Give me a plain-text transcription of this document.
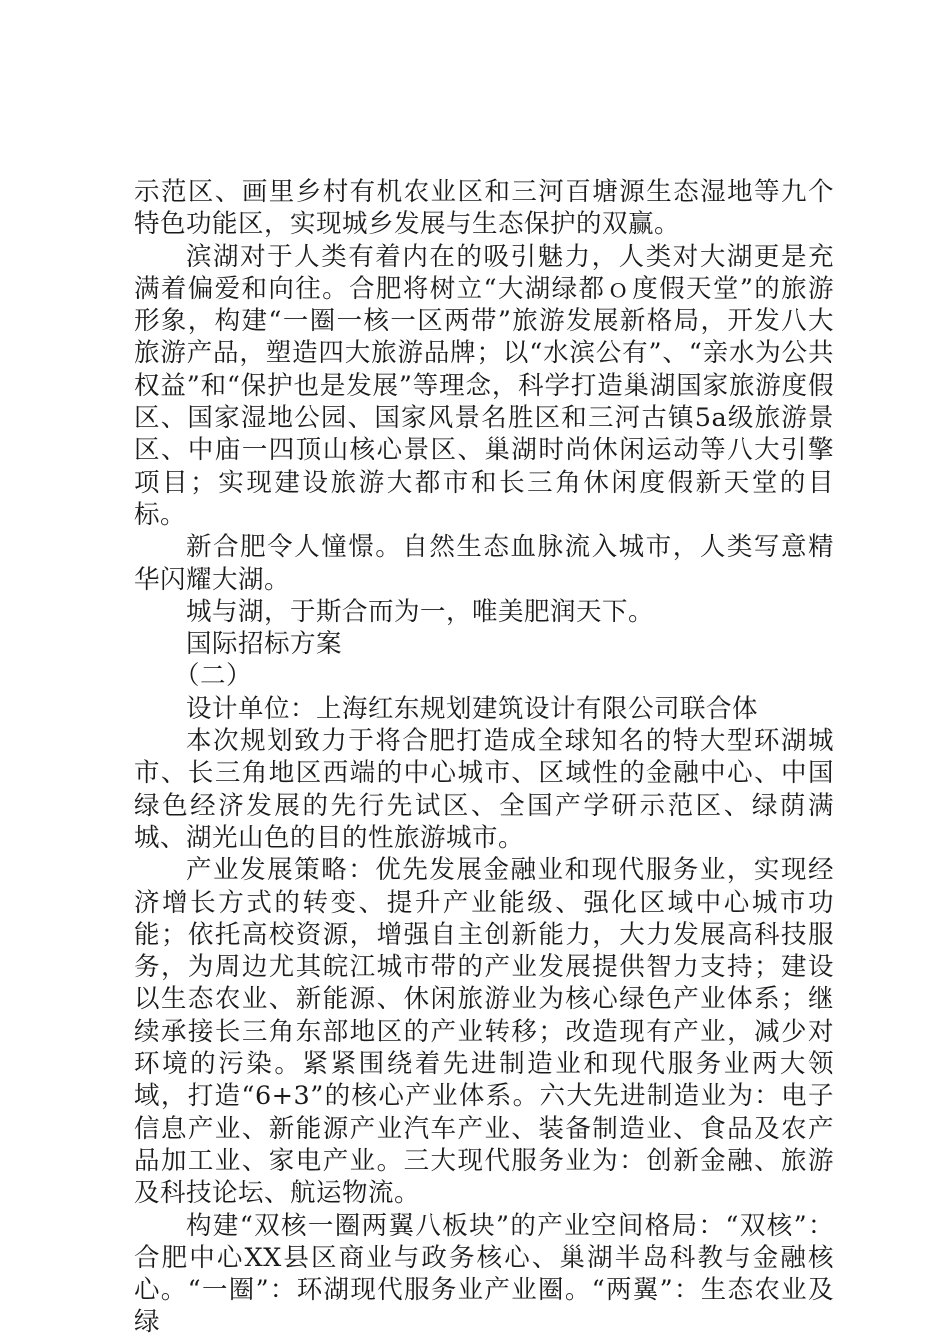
示范区、画里乡村有机农业区和三河百塘源生态湿地等九个特色功能区，实现城乡发展与生态保护的双赢。

滨湖对于人类有着内在的吸引魅力，人类对大湖更是充满着偏爱和向往。合肥将树立“大湖绿都ｏ度假天堂”的旅游形象，构建“一圈一核一区两带”旅游发展新格局，开发八大旅游产品，塑造四大旅游品牌；以“水滨公有”、“亲水为公共权益”和“保护也是发展”等理念，科学打造巢湖国家旅游度假区、国家湿地公园、国家风景名胜区和三河古镇5a级旅游景区、中庙一四顶山核心景区、巢湖时尚休闲运动等八大引擎项目；实现建设旅游大都市和长三角休闲度假新天堂的目标。

新合肥令人憧憬。自然生态血脉流入城市，人类写意精华闪耀大湖。

城与湖，于斯合而为一，唯美肥润天下。

国际招标方案

（二）

设计单位：上海红东规划建筑设计有限公司联合体

本次规划致力于将合肥打造成全球知名的特大型环湖城市、长三角地区西端的中心城市、区域性的金融中心、中国绿色经济发展的先行先试区、全国产学研示范区、绿荫满城、湖光山色的目的性旅游城市。

产业发展策略：优先发展金融业和现代服务业，实现经济增长方式的转变、提升产业能级、强化区域中心城市功能；依托高校资源，增强自主创新能力，大力发展高科技服务，为周边尤其皖江城市带的产业发展提供智力支持；建设以生态农业、新能源、休闲旅游业为核心绿色产业体系；继续承接长三角东部地区的产业转移；改造现有产业，减少对环境的污染。紧紧围绕着先进制造业和现代服务业两大领域，打造“6+3”的核心产业体系。六大先进制造业为：电子信息产业、新能源产业汽车产业、装备制造业、食品及农产品加工业、家电产业。三大现代服务业为：创新金融、旅游及科技论坛、航运物流。

构建“双核一圈两翼八板块”的产业空间格局：“双核”：合肥中心XX县区商业与政务核心、巢湖半岛科教与金融核心。“一圈”：环湖现代服务业产业圈。“两翼”：生态农业及绿
